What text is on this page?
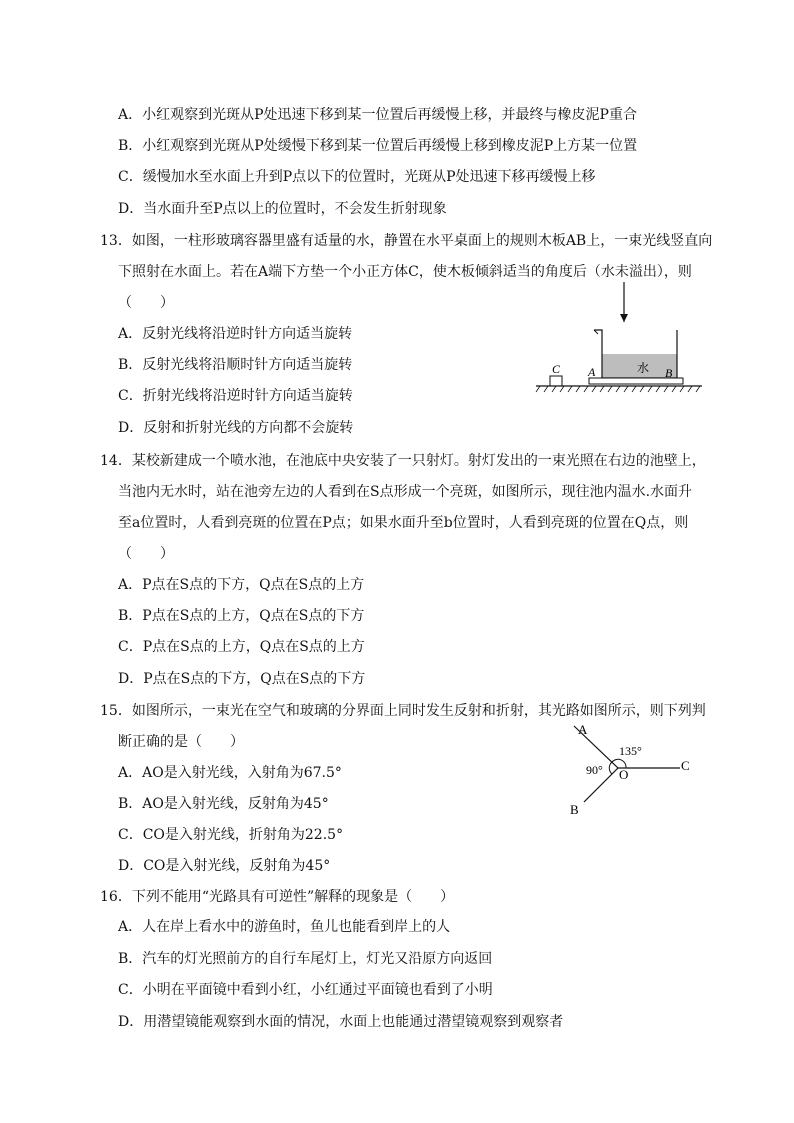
A．小红观察到光斑从P处迅速下移到某一位置后再缓慢上移，并最终与橡皮泥P重合
B．小红观察到光斑从P处缓慢下移到某一位置后再缓慢上移到橡皮泥P上方某一位置
C．缓慢加水至水面上升到P点以下的位置时，光斑从P处迅速下移再缓慢上移
D．当水面升至P点以上的位置时，不会发生折射现象
13．如图，一柱形玻璃容器里盛有适量的水，静置在水平桌面上的规则木板AB上，一束光线竖直向
下照射在水面上。若在A端下方垫一个小正方体C，使木板倾斜适当的角度后（水未溢出），则
（　　）
A．反射光线将沿逆时针方向适当旋转
B．反射光线将沿顺时针方向适当旋转
C．折射光线将沿逆时针方向适当旋转
D．反射和折射光线的方向都不会旋转
C A	B
水
14．某校新建成一个喷水池，在池底中央安装了一只射灯。射灯发出的一束光照在右边的池壁上，
当池内无水时，站在池旁左边的人看到在S点形成一个亮斑，如图所示，现往池内温水.水面升
至a位置时，人看到亮斑的位置在P点；如果水面升至b位置时，人看到亮斑的位置在Q点，则
（　　）
A．P点在S点的下方，Q点在S点的上方
B．P点在S点的上方，Q点在S点的下方
C．P点在S点的上方，Q点在S点的上方
D．P点在S点的下方，Q点在S点的下方
15．如图所示，一束光在空气和玻璃的分界面上同时发生反射和折射，其光路如图所示，则下列判
断正确的是（　　）
A．AO是入射光线，入射角为67.5°
B．AO是入射光线，反射角为45°
C．CO是入射光线，折射角为22.5°
D．CO是入射光线，反射角为45°
A
B
C
O
135°
90°
16．下列不能用“光路具有可逆性”解释的现象是（　　）
A．人在岸上看水中的游鱼时，鱼儿也能看到岸上的人
B．汽车的灯光照前方的自行车尾灯上，灯光又沿原方向返回
C．小明在平面镜中看到小红，小红通过平面镜也看到了小明
D．用潜望镜能观察到水面的情况，水面上也能通过潜望镜观察到观察者
